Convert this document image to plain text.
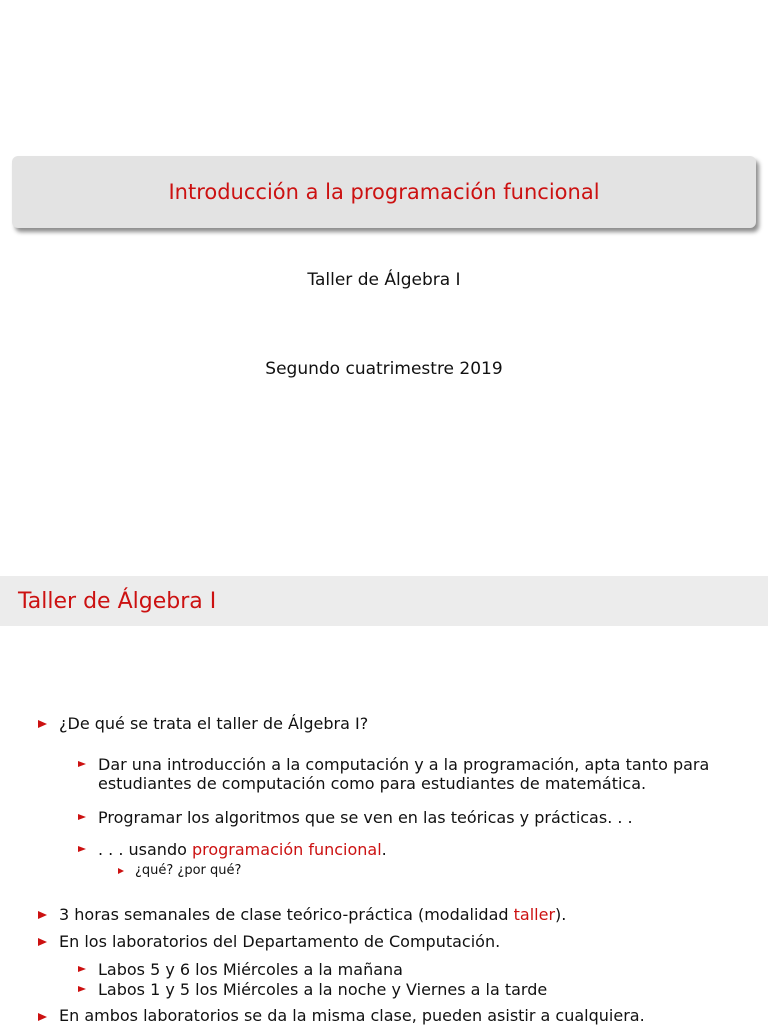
Introducción a la programación funcional
Taller de Álgebra I
Segundo cuatrimestre 2019
Taller de Álgebra I
¿De qué se trata el taller de Álgebra I?
Dar una introducción a la computación y a la programación, apta tanto para
estudiantes de computación como para estudiantes de matemática.
Programar los algoritmos que se ven en las teóricas y prácticas. . .
. . . usando programación funcional.
¿qué? ¿por qué?
3 horas semanales de clase teórico-práctica (modalidad taller).
En los laboratorios del Departamento de Computación.
Labos 5 y 6 los Miércoles a la mañana
Labos 1 y 5 los Miércoles a la noche y Viernes a la tarde
En ambos laboratorios se da la misma clase, pueden asistir a cualquiera.
